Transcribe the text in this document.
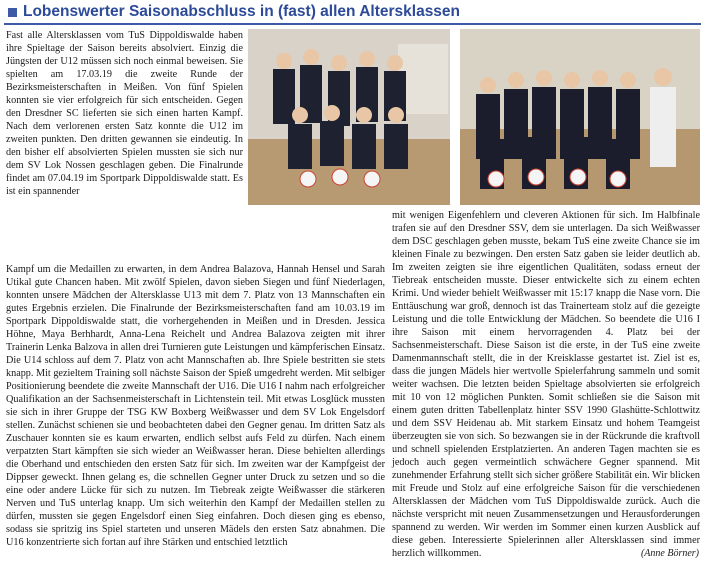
Lobenswerter Saisonabschluss in (fast) allen Altersklassen

Fast alle Altersklassen vom TuS Dippoldiswalde haben ihre Spieltage der Saison bereits absolviert. Einzig die Jüngsten der U12 müssen sich noch einmal beweisen. Sie spielten am 17.03.19 die zweite Runde der Bezirksmeisterschaften in Meißen. Von fünf Spielen konnten sie vier erfolgreich für sich entscheiden. Gegen den Dresdner SC lieferten sie sich einen harten Kampf. Nach dem verlorenen ersten Satz konnte die U12 im zweiten punkten. Den dritten gewannen sie eindeutig. In den bisher elf absolvierten Spielen mussten sie sich nur dem SV Lok Nossen geschlagen geben. Die Finalrunde findet am 07.04.19 im Sportpark Dippoldiswalde statt. Es ist ein spannender

Kampf um die Medaillen zu erwarten, in dem Andrea Balazova, Hannah Hensel und Sarah Utikal gute Chancen haben. Mit zwölf Spielen, davon sieben Siegen und fünf Niederlagen, konnten unsere Mädchen der Altersklasse U13 mit dem 7. Platz von 13 Mannschaften ein gutes Ergebnis erzielen. Die Finalrunde der Bezirksmeisterschaften fand am 10.03.19 im Sportpark Dippoldiswalde statt, die vorhergehenden in Meißen und in Dresden. Jessica Höhne, Maya Berhhardt, Anna-Lena Reichelt und Andrea Balazova zeigten mit ihrer Trainerin Lenka Balzova in allen drei Turnieren gute Leistungen und kämpferischen Einsatz. Die U14 schloss auf dem 7. Platz von acht Mannschaften ab. Ihre Spiele bestritten sie stets knapp. Mit gezieltem Training soll nächste Saison der Spieß umgedreht werden. Mit selbiger Positionierung beendete die zweite Mannschaft der U16. Die U16 I nahm nach erfolgreicher Qualifikation an der Sachsenmeisterschaft in Lichtenstein teil. Mit etwas Losglück mussten sie sich in ihrer Gruppe der TSG KW Boxberg Weißwasser und dem SV Lok Engelsdorf stellen. Zunächst schienen sie und beobachteten dabei den Gegner genau. Im dritten Satz als Zuschauer konnten sie es kaum erwarten, endlich selbst aufs Feld zu dürfen. Nach einem verpatzten Start kämpften sie sich wieder an Weißwasser heran. Diese behielten allerdings die Oberhand und entschieden den ersten Satz für sich. Im zweiten war der Kampfgeist der Dippser geweckt. Ihnen gelang es, die schnellen Gegner unter Druck zu setzen und so die eine oder andere Lücke für sich zu nutzen. Im Tiebreak zeigte Weißwasser die stärkeren Nerven und TuS unterlag knapp. Um sich weiterhin den Kampf der Medaillen stellen zu dürfen, mussten sie gegen Engelsdorf einen Sieg einfahren. Doch diesen ging es ebenso, sodass sie spritzig ins Spiel starteten und unseren Mädels den ersten Satz abnahmen. Die U16 konzentrierte sich fortan auf ihre Stärken und entschied letztlich

mit wenigen Eigenfehlern und cleveren Aktionen für sich. Im Halbfinale trafen sie auf den Dresdner SSV, dem sie unterlagen. Da sich Weißwasser dem DSC geschlagen geben musste, bekam TuS eine zweite Chance sie im kleinen Finale zu bezwingen. Den ersten Satz gaben sie leider deutlich ab. Im zweiten zeigten sie ihre eigentlichen Qualitäten, sodass erneut der Tiebreak entscheiden musste. Dieser entwickelte sich zu einem echten Krimi. Und wieder behielt Weißwasser mit 15:17 knapp die Nase vorn. Die Enttäuschung war groß, dennoch ist das Trainerteam stolz auf die gezeigte Leistung und die tolle Entwicklung der Mädchen. So beendete die U16 I ihre Saison mit einem hervorragenden 4. Platz bei der Sachsenmeisterschaft. Diese Saison ist die erste, in der TuS eine zweite Damenmannschaft stellt, die in der Kreisklasse gestartet ist. Ziel ist es, dass die jungen Mädels hier wertvolle Spielerfahrung sammeln und somit weiter wachsen. Die letzten beiden Spieltage absolvierten sie erfolgreich mit 10 von 12 möglichen Punkten. Somit schließen sie die Saison mit einem guten dritten Tabellenplatz hinter SSV 1990 Glashütte-Schlottwitz und dem SSV Heidenau ab. Mit starkem Einsatz und hohem Teamgeist überzeugten sie von sich. So bezwangen sie in der Rückrunde die kraftvoll und schnell spielenden Erstplatzierten. An anderen Tagen machten sie es jedoch auch gegen vermeintlich schwächere Gegner spannend. Mit zunehmender Erfahrung stellt sich sicher größere Stabilität ein. Wir blicken mit Freude und Stolz auf eine erfolgreiche Saison für die verschiedenen Altersklassen der Mädchen vom TuS Dippoldiswalde zurück. Auch die nächste verspricht mit neuen Zusammensetzungen und Herausforderungen spannend zu werden. Wir werden im Sommer einen kurzen Ausblick auf diese geben. Interessierte Spielerinnen aller Altersklassen sind immer herzlich willkommen.	(Anne Börner)
